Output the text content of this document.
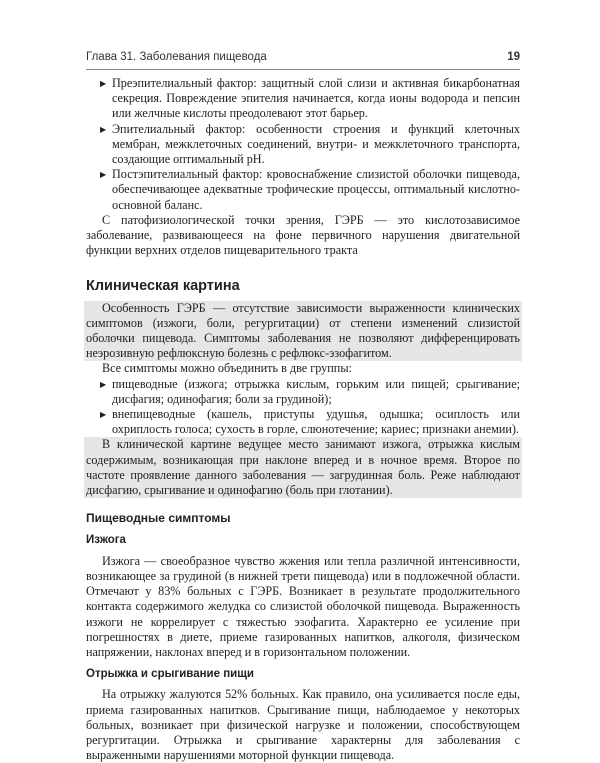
Глава 31. Заболевания пищевода	19
▶ Преэпителиальный фактор: защитный слой слизи и активная бикарбонатная секреция. Повреждение эпителия начинается, когда ионы водорода и пепсин или желчные кислоты преодолевают этот барьер.
▶ Эпителиальный фактор: особенности строения и функций клеточных мембран, межклеточных соединений, внутри- и межклеточного транспорта, создающие оптимальный pH.
▶ Постэпителиальный фактор: кровоснабжение слизистой оболочки пищевода, обеспечивающее адекватные трофические процессы, оптимальный кислотно-основной баланс.

С патофизиологической точки зрения, ГЭРБ — это кислотозависимое заболевание, развивающееся на фоне первичного нарушения двигательной функции верхних отделов пищеварительного тракта

Клиническая картина

Особенность ГЭРБ — отсутствие зависимости выраженности клинических симптомов (изжоги, боли, регургитации) от степени изменений слизистой оболочки пищевода. Симптомы заболевания не позволяют дифференцировать неэрозивную рефлюксную болезнь с рефлюкс-эзофагитом.

Все симптомы можно объединить в две группы:

▶ пищеводные (изжога; отрыжка кислым, горьким или пищей; срыгивание; дисфагия; одинофагия; боли за грудиной);
▶ внепищеводные (кашель, приступы удушья, одышка; осиплость или охриплость голоса; сухость в горле, слюнотечение; кариес; признаки анемии).

В клинической картине ведущее место занимают изжога, отрыжка кислым содержимым, возникающая при наклоне вперед и в ночное время. Второе по частоте проявление данного заболевания — загрудинная боль. Реже наблюдают дисфагию, срыгивание и одинофагию (боль при глотании).

Пищеводные симптомы
Изжога

Изжога — своеобразное чувство жжения или тепла различной интенсивности, возникающее за грудиной (в нижней трети пищевода) или в подложечной области. Отмечают у 83% больных с ГЭРБ. Возникает в результате продолжительного контакта содержимого желудка со слизистой оболочкой пищевода. Выраженность изжоги не коррелирует с тяжестью эзофагита. Характерно ее усиление при погрешностях в диете, приеме газированных напитков, алкоголя, физическом напряжении, наклонах вперед и в горизонтальном положении.

Отрыжка и срыгивание пищи

На отрыжку жалуются 52% больных. Как правило, она усиливается после еды, приема газированных напитков. Срыгивание пищи, наблюдаемое у некоторых больных, возникает при физической нагрузке и положении, способствующем регургитации. Отрыжка и срыгивание характерны для заболевания с выраженными нарушениями моторной функции пищевода.
